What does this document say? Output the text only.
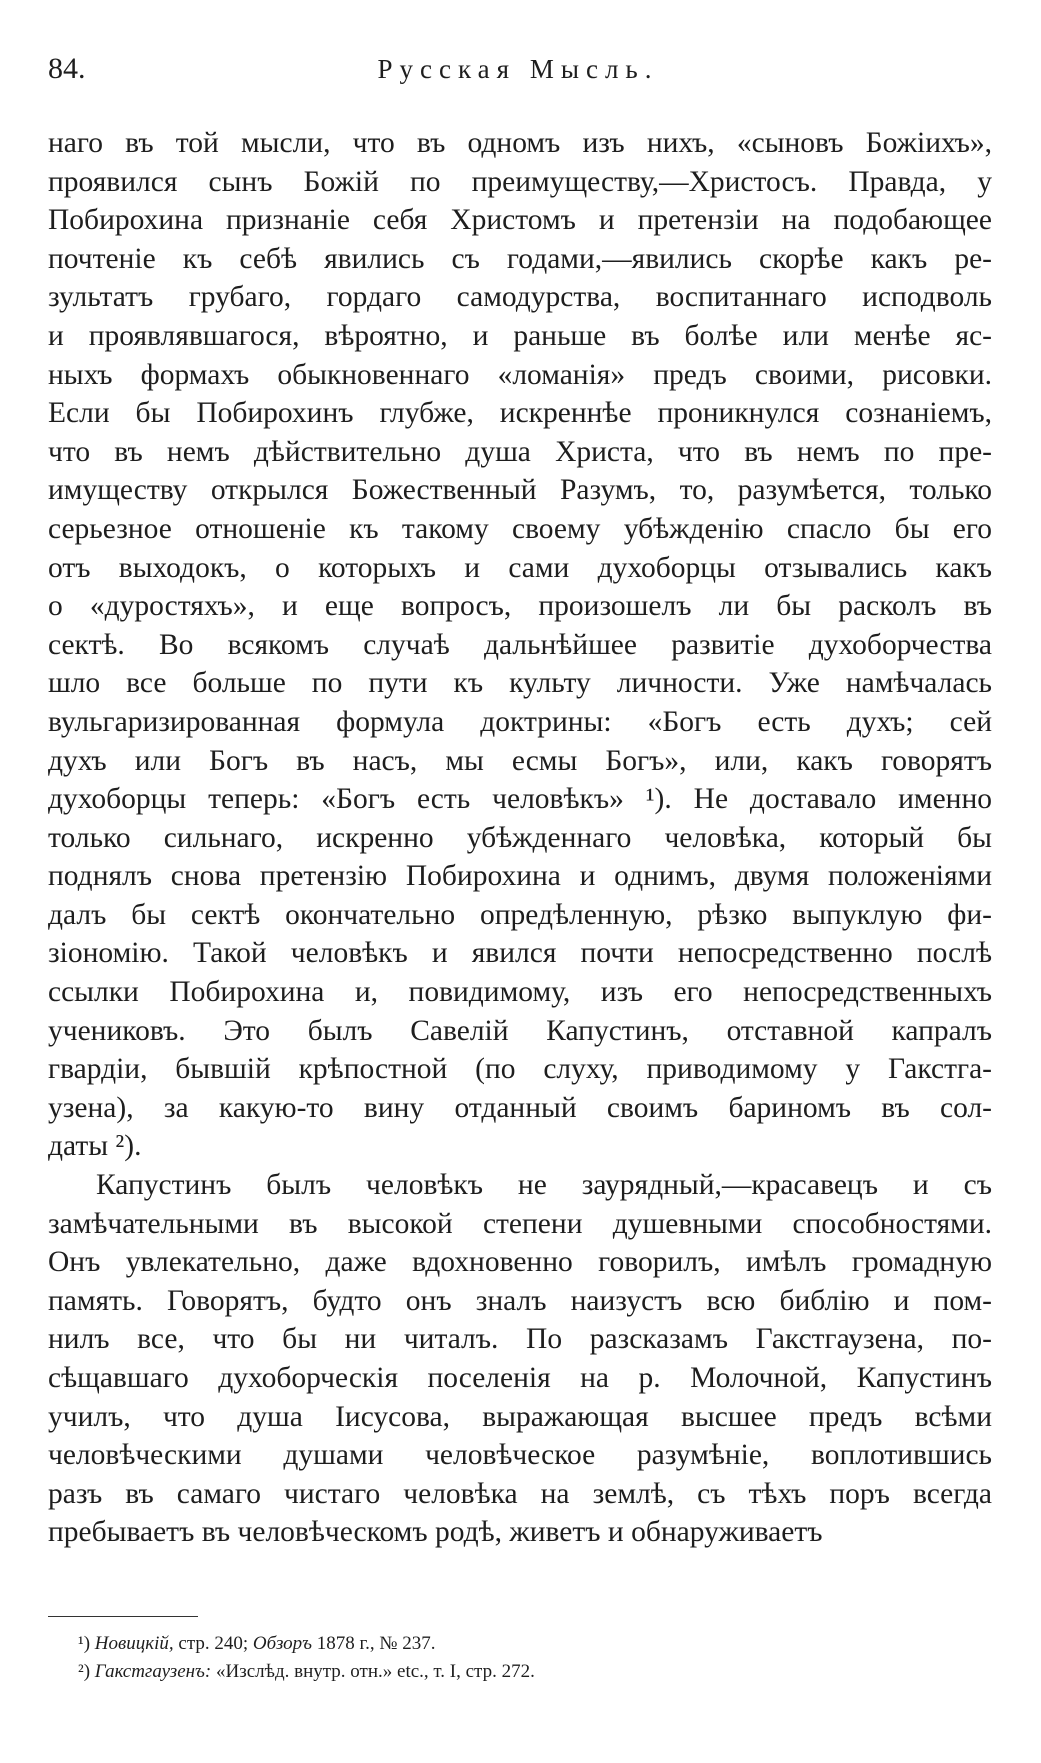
84.	Русская Мысль.
наго въ той мысли, что въ одномъ изъ нихъ, «сыновъ Божіихъ»,
проявился сынъ Божій по преимуществу,—Христосъ. Правда, у
Побирохина признаніе себя Христомъ и претензіи на подобающее
почтеніе къ себѣ явились съ годами,—явились скорѣе какъ ре-
зультатъ грубаго, гордаго самодурства, воспитаннаго исподволь
и проявлявшагося, вѣроятно, и раньше въ болѣе или менѣе яс-
ныхъ формахъ обыкновеннаго «ломанія» предъ своими, рисовки.
Если бы Побирохинъ глубже, искреннѣе проникнулся сознаніемъ,
что въ немъ дѣйствительно душа Христа, что въ немъ по пре-
имуществу открылся Божественный Разумъ, то, разумѣется, только
серьезное отношеніе къ такому своему убѣжденію спасло бы его
отъ выходокъ, о которыхъ и сами духоборцы отзывались какъ
о «дуростяхъ», и еще вопросъ, произошелъ ли бы расколъ въ
сектѣ. Во всякомъ случаѣ дальнѣйшее развитіе духоборчества
шло все больше по пути къ культу личности. Уже намѣчалась
вульгаризированная формула доктрины: «Богъ есть духъ; сей
духъ или Богъ въ насъ, мы есмы Богъ», или, какъ говорятъ
духоборцы теперь: «Богъ есть человѣкъ» ¹). Не доставало именно
только сильнаго, искренно убѣжденнаго человѣка, который бы
поднялъ снова претензію Побирохина и однимъ, двумя положеніями
далъ бы сектѣ окончательно опредѣленную, рѣзко выпуклую фи-
зіономію. Такой человѣкъ и явился почти непосредственно послѣ
ссылки Побирохина и, повидимому, изъ его непосредственныхъ
учениковъ. Это былъ Савелій Капустинъ, отставной капралъ
гвардіи, бывшій крѣпостной (по слуху, приводимому у Гакстга-
узена), за какую-то вину отданный своимъ бариномъ въ сол-
даты ²).
Капустинъ былъ человѣкъ не заурядный,—красавецъ и съ
замѣчательными въ высокой степени душевными способностями.
Онъ увлекательно, даже вдохновенно говорилъ, имѣлъ громадную
память. Говорятъ, будто онъ зналъ наизустъ всю библію и пом-
нилъ все, что бы ни читалъ. По разсказамъ Гакстгаузена, по-
сѣщавшаго духоборческія поселенія на р. Молочной, Капустинъ
училъ, что душа Іисусова, выражающая высшее предъ всѣми
человѣческими душами человѣческое разумѣніе, воплотившись
разъ въ самаго чистаго человѣка на землѣ, съ тѣхъ поръ всегда
пребываетъ въ человѣческомъ родѣ, живетъ и обнаруживаетъ
¹) Новицкій, стр. 240; Обзоръ 1878 г., № 237.
²) Гакстгаузенъ: «Изслѣд. внутр. отн.» etc., т. I, стр. 272.
